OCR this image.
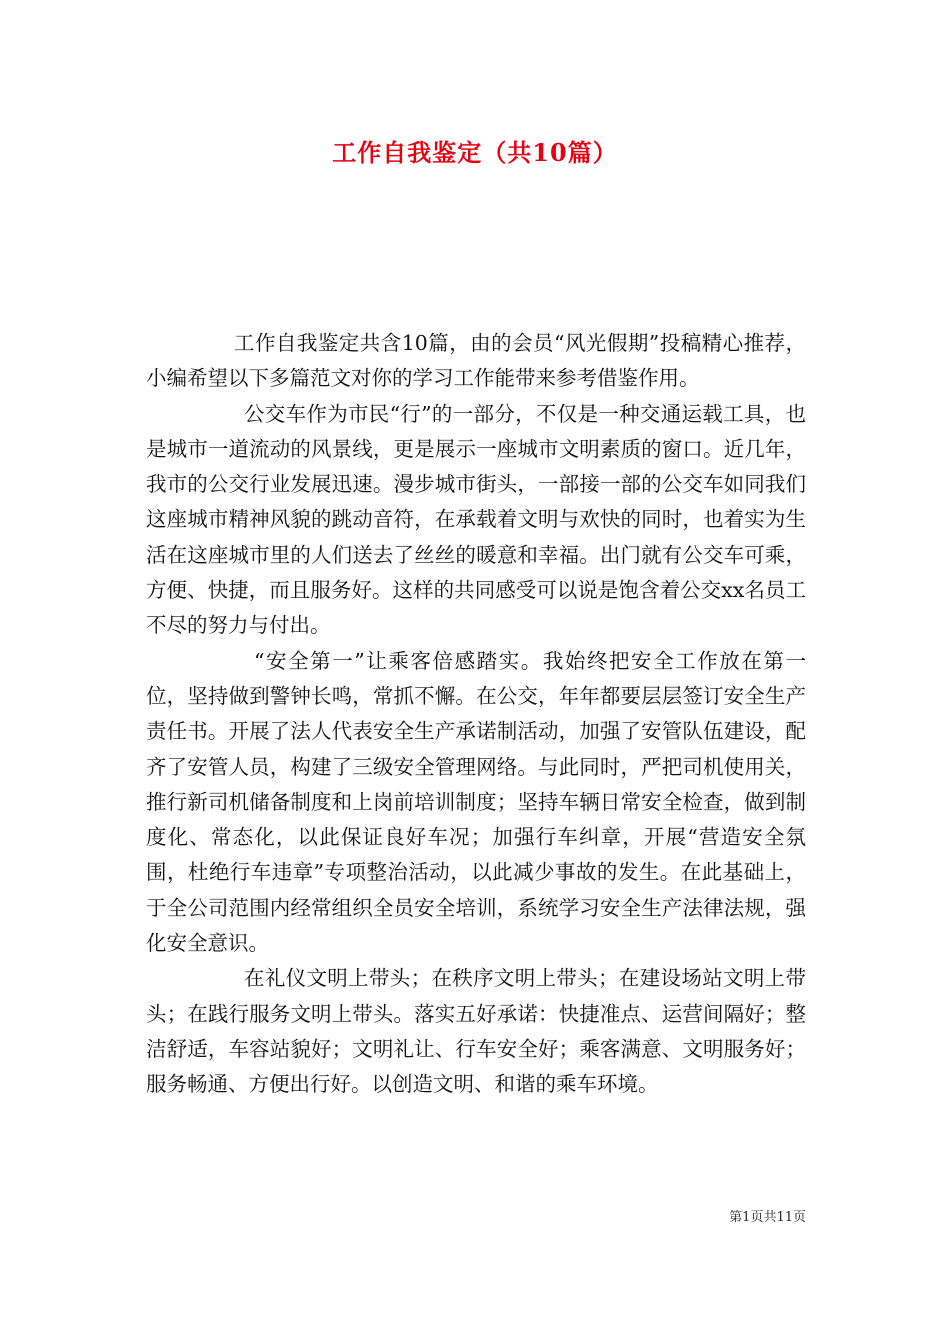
工作自我鉴定（共10篇）

工作自我鉴定共含10篇，由的会员“风光假期”投稿精心推荐，小编希望以下多篇范文对你的学习工作能带来参考借鉴作用。

公交车作为市民“行”的一部分，不仅是一种交通运载工具，也是城市一道流动的风景线，更是展示一座城市文明素质的窗口。近几年，我市的公交行业发展迅速。漫步城市街头，一部接一部的公交车如同我们这座城市精神风貌的跳动音符，在承载着文明与欢快的同时，也着实为生活在这座城市里的人们送去了丝丝的暖意和幸福。出门就有公交车可乘，方便、快捷，而且服务好。这样的共同感受可以说是饱含着公交xx名员工不尽的努力与付出。

“安全第一”让乘客倍感踏实。我始终把安全工作放在第一位，坚持做到警钟长鸣，常抓不懈。在公交，年年都要层层签订安全生产责任书。开展了法人代表安全生产承诺制活动，加强了安管队伍建设，配齐了安管人员，构建了三级安全管理网络。与此同时，严把司机使用关，推行新司机储备制度和上岗前培训制度；坚持车辆日常安全检查，做到制度化、常态化，以此保证良好车况；加强行车纠章，开展“营造安全氛围，杜绝行车违章”专项整治活动，以此减少事故的发生。在此基础上，于全公司范围内经常组织全员安全培训，系统学习安全生产法律法规，强化安全意识。

在礼仪文明上带头；在秩序文明上带头；在建设场站文明上带头；在践行服务文明上带头。落实五好承诺：快捷准点、运营间隔好；整洁舒适，车容站貌好；文明礼让、行车安全好；乘客满意、文明服务好；服务畅通、方便出行好。以创造文明、和谐的乘车环境。

第1页共11页
